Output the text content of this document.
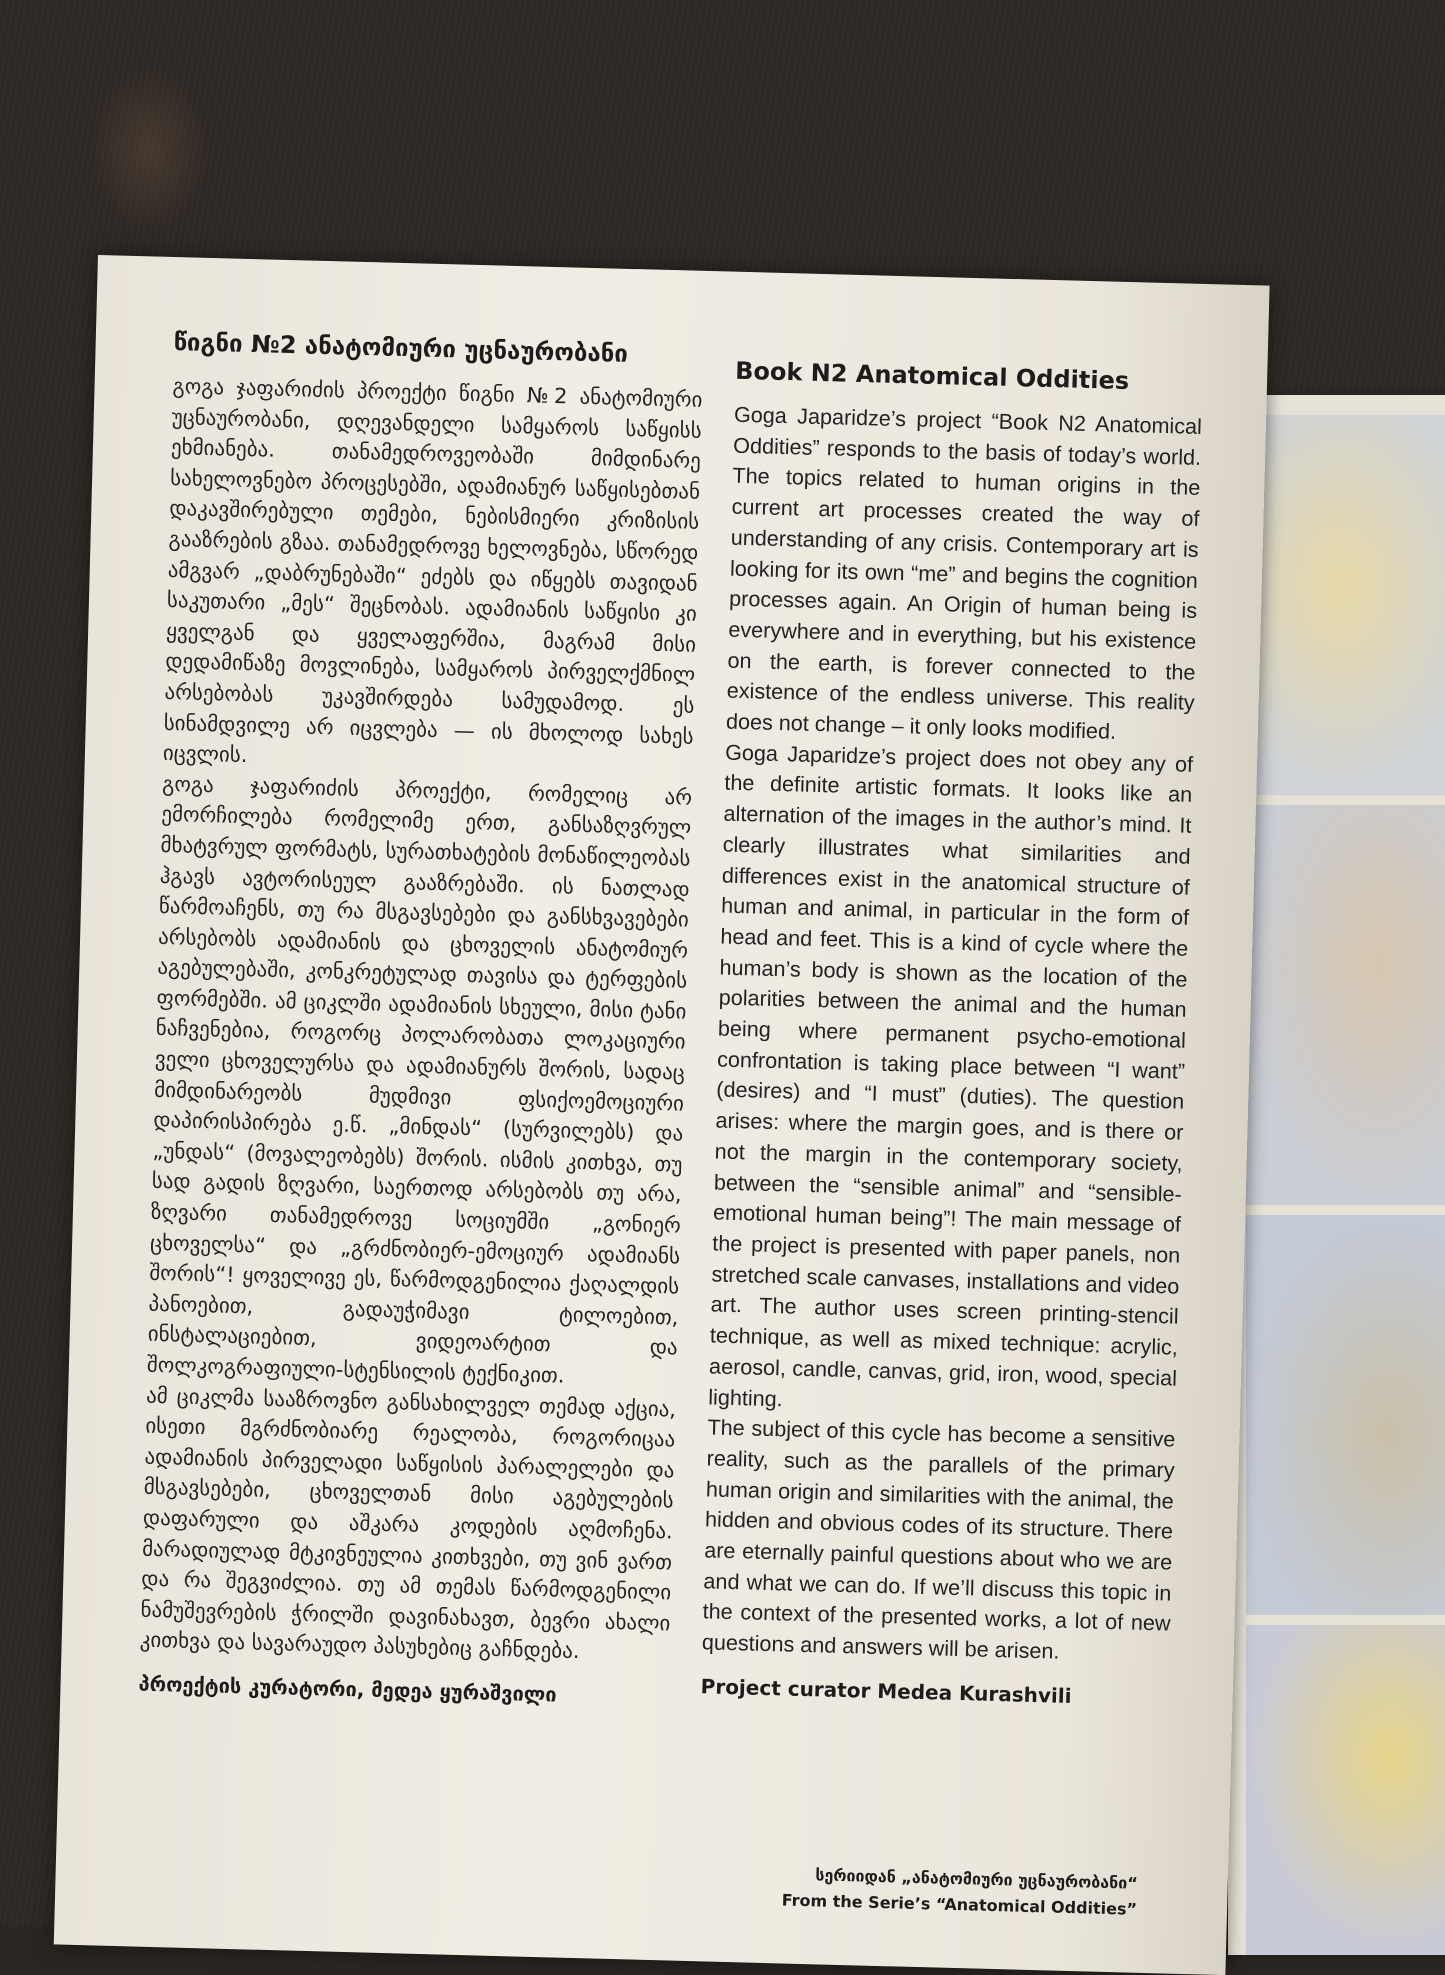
წიგნი №2 ანატომიური უცნაურობანი

გოგა ჯაფარიძის პროექტი წიგნი №2 ანატომიური უცნაურობანი, დღევანდელი სამყაროს საწყისს ეხმიანება. თანამედროვეობაში მიმდინარე სახელოვნებო პროცესებში, ადამიანურ საწყისებთან დაკავშირებული თემები, ნებისმიერი კრიზისის გააზრების გზაა. თანამედროვე ხელოვნება, სწორედ ამგვარ „დაბრუნებაში“ ეძებს და იწყებს თავიდან საკუთარი „მეს“ შეცნობას. ადამიანის საწყისი კი ყველგან და ყველაფერშია, მაგრამ მისი დედამიწაზე მოვლინება, სამყაროს პირველქმნილ არსებობას უკავშირდება სამუდამოდ. ეს სინამდვილე არ იცვლება — ის მხოლოდ სახეს იცვლის.

გოგა ჯაფარიძის პროექტი, რომელიც არ ემორჩილება რომელიმე ერთ, განსაზღვრულ მხატვრულ ფორმატს, სურათხატების მონაწილეობას ჰგავს ავტორისეულ გააზრებაში. ის ნათლად წარმოაჩენს, თუ რა მსგავსებები და განსხვავებები არსებობს ადამიანის და ცხოველის ანატომიურ აგებულებაში, კონკრეტულად თავისა და ტერფების ფორმებში. ამ ციკლში ადამიანის სხეული, მისი ტანი ნაჩვენებია, როგორც პოლარობათა ლოკაციური ველი ცხოველურსა და ადამიანურს შორის, სადაც მიმდინარეობს მუდმივი ფსიქოემოციური დაპირისპირება ე.წ. „მინდას“ (სურვილებს) და „უნდას“ (მოვალეობებს) შორის. ისმის კითხვა, თუ სად გადის ზღვარი, საერთოდ არსებობს თუ არა, ზღვარი თანამედროვე სოციუმში „გონიერ ცხოველსა“ და „გრძნობიერ-ემოციურ ადამიანს შორის“! ყოველივე ეს, წარმოდგენილია ქაღალდის პანოებით, გადაუჭიმავი ტილოებით, ინსტალაციებით, ვიდეოარტით და შოლკოგრაფიული-სტენსილის ტექნიკით.

ამ ციკლმა სააზროვნო განსახილველ თემად აქცია, ისეთი მგრძნობიარე რეალობა, როგორიცაა ადამიანის პირველადი საწყისის პარალელები და მსგავსებები, ცხოველთან მისი აგებულების დაფარული და აშკარა კოდების აღმოჩენა. მარადიულად მტკივნეულია კითხვები, თუ ვინ ვართ და რა შეგვიძლია. თუ ამ თემას წარმოდგენილი ნამუშევრების ჭრილში დავინახავთ, ბევრი ახალი კითხვა და სავარაუდო პასუხებიც გაჩნდება.

პროექტის კურატორი, მედეა ყურაშვილი
Book N2 Anatomical Oddities

Goga Japaridze’s project “Book N2 Anatomical Oddities” responds to the basis of today’s world. The topics related to human origins in the current art processes created the way of understanding of any crisis. Contemporary art is looking for its own “me” and begins the cognition processes again. An Origin of human being is everywhere and in everything, but his existence on the earth, is forever connected to the existence of the endless universe. This reality does not change – it only looks modified.

Goga Japaridze’s project does not obey any of the definite artistic formats. It looks like an alternation of the images in the author’s mind. It clearly illustrates what similarities and differences exist in the anatomical structure of human and animal, in particular in the form of head and feet. This is a kind of cycle where the human’s body is shown as the location of the polarities between the animal and the human being where permanent psycho-emotional confrontation is taking place between “I want” (desires) and “I must” (duties). The question arises: where the margin goes, and is there or not the margin in the contemporary society, between the “sensible animal” and “sensible-emotional human being”! The main message of the project is presented with paper panels, non stretched scale canvases, installations and video art. The author uses screen printing-stencil technique, as well as mixed technique: acrylic, aerosol, candle, canvas, grid, iron, wood, special lighting.

The subject of this cycle has become a sensitive reality, such as the parallels of the primary human origin and similarities with the animal, the hidden and obvious codes of its structure. There are eternally painful questions about who we are and what we can do. If we’ll discuss this topic in the context of the presented works, a lot of new questions and answers will be arisen.

Project curator Medea Kurashvili
სერიიდან „ანატომიური უცნაურობანი“
From the Serie’s “Anatomical Oddities”
